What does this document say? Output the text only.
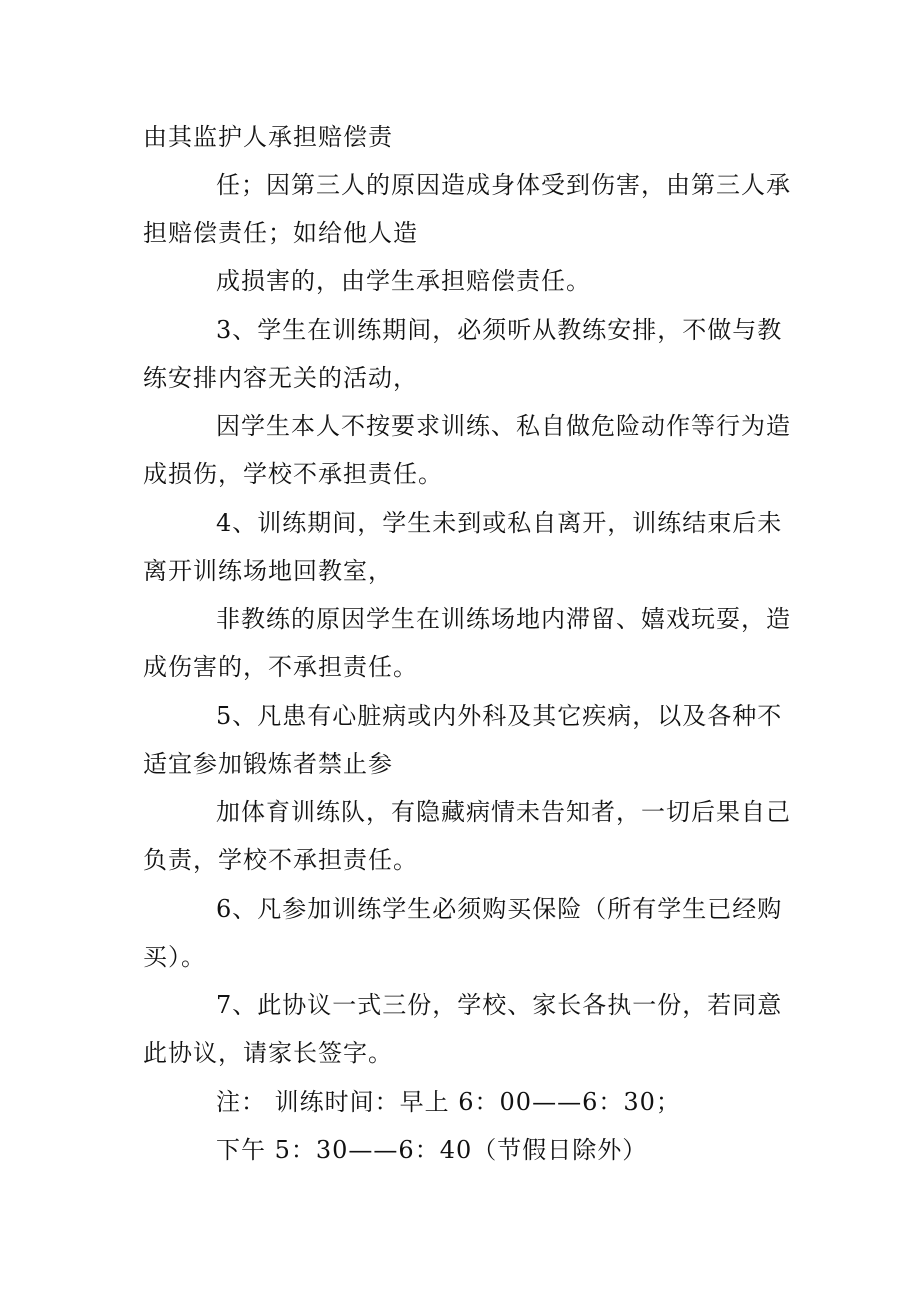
由其监护人承担赔偿责
任；因第三人的原因造成身体受到伤害，由第三人承
担赔偿责任；如给他人造
成损害的，由学生承担赔偿责任。
3、学生在训练期间，必须听从教练安排，不做与教
练安排内容无关的活动，
因学生本人不按要求训练、私自做危险动作等行为造
成损伤，学校不承担责任。
4、训练期间，学生未到或私自离开，训练结束后未
离开训练场地回教室，
非教练的原因学生在训练场地内滞留、嬉戏玩耍，造
成伤害的，不承担责任。
5、凡患有心脏病或内外科及其它疾病，以及各种不
适宜参加锻炼者禁止参
加体育训练队，有隐藏病情未告知者，一切后果自己
负责，学校不承担责任。
6、凡参加训练学生必须购买保险（所有学生已经购
买）。
7、此协议一式三份，学校、家长各执一份，若同意
此协议，请家长签字。
注： 训练时间：早上 6：00——6：30；
下午 5：30——6：40（节假日除外）
